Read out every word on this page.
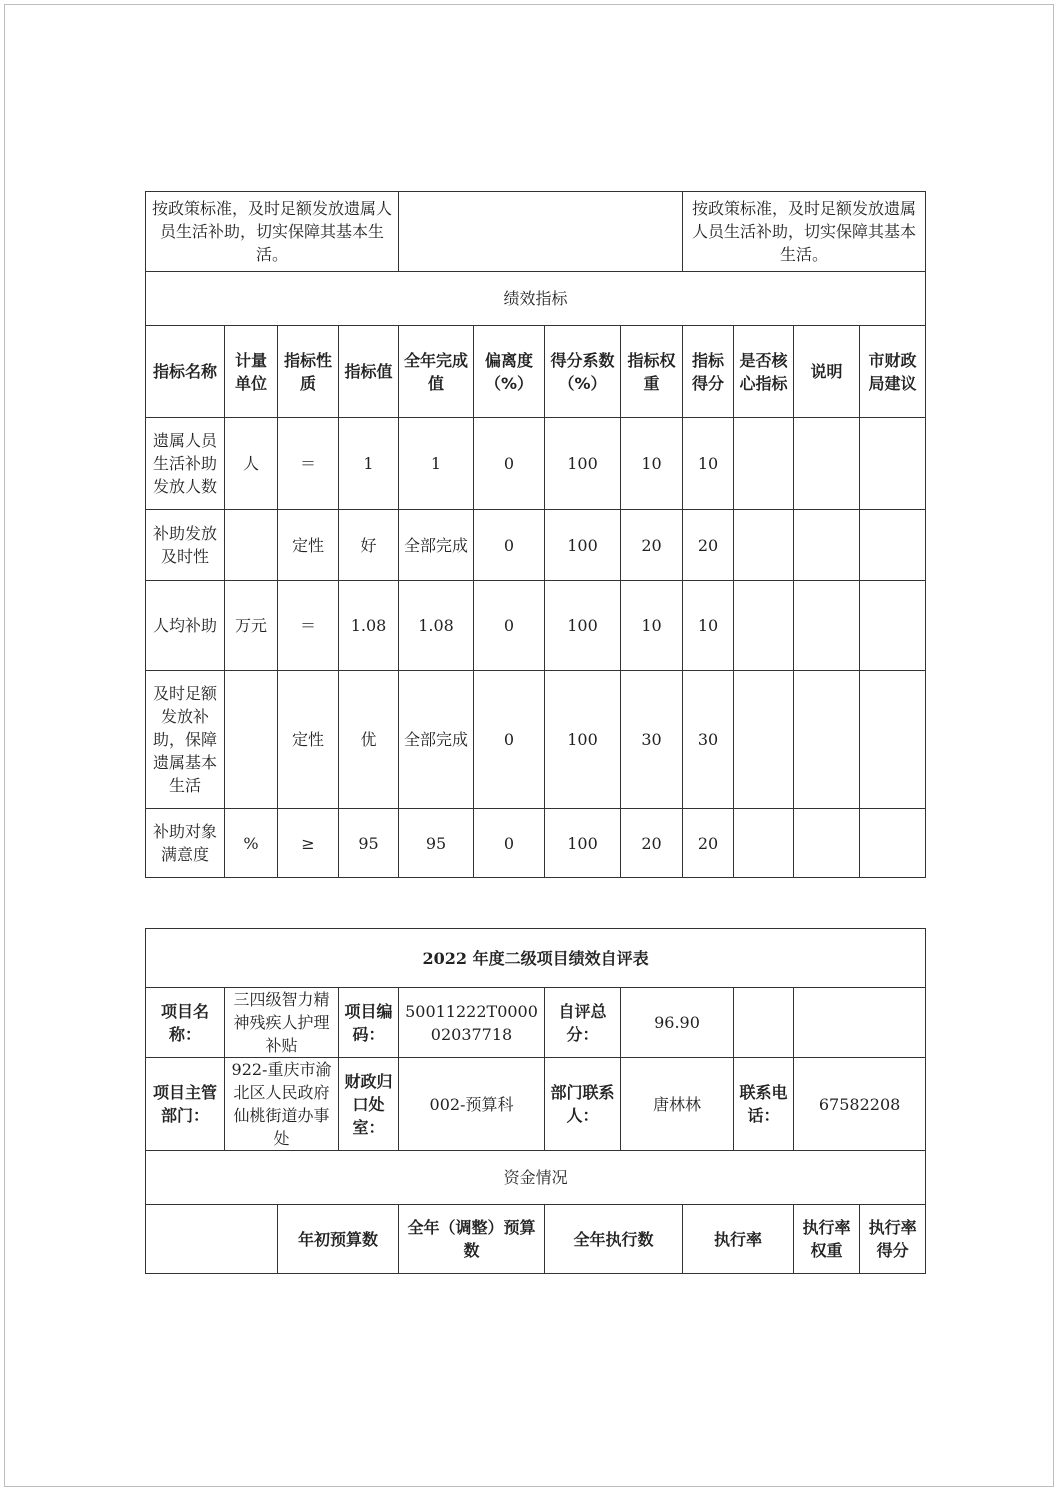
按政策标准，及时足额发放遗属人员生活补助，切实保障其基本生活。								按政策标准，及时足额发放遗属人员生活补助，切实保障其基本生活。			
绩效指标											
指标名称	计量单位	指标性质	指标值	全年完成值	偏离度（%）	得分系数（%）	指标权重	指标得分	是否核心指标	说明	市财政局建议
遗属人员生活补助发放人数	人	＝	1	1	0	100	10	10			
补助发放及时性		定性	好	全部完成	0	100	20	20			
人均补助	万元	＝	1.08	1.08	0	100	10	10			
及时足额发放补助，保障遗属基本生活		定性	优	全部完成	0	100	30	30			
补助对象满意度	%	≥	95	95	0	100	20	20			
2022 年度二级项目绩效自评表										
项目名称：	三四级智力精神残疾人护理补贴		项目编码：	50011222T000002037718	自评总分：	96.90				
项目主管部门：	922-重庆市渝北区人民政府仙桃街道办事处		财政归口处室：	002-预算科	部门联系人：	唐林林		联系电话：	67582208	
资金情况										
		年初预算数		全年（调整）预算数	全年执行数		执行率		执行率权重	执行率得分
